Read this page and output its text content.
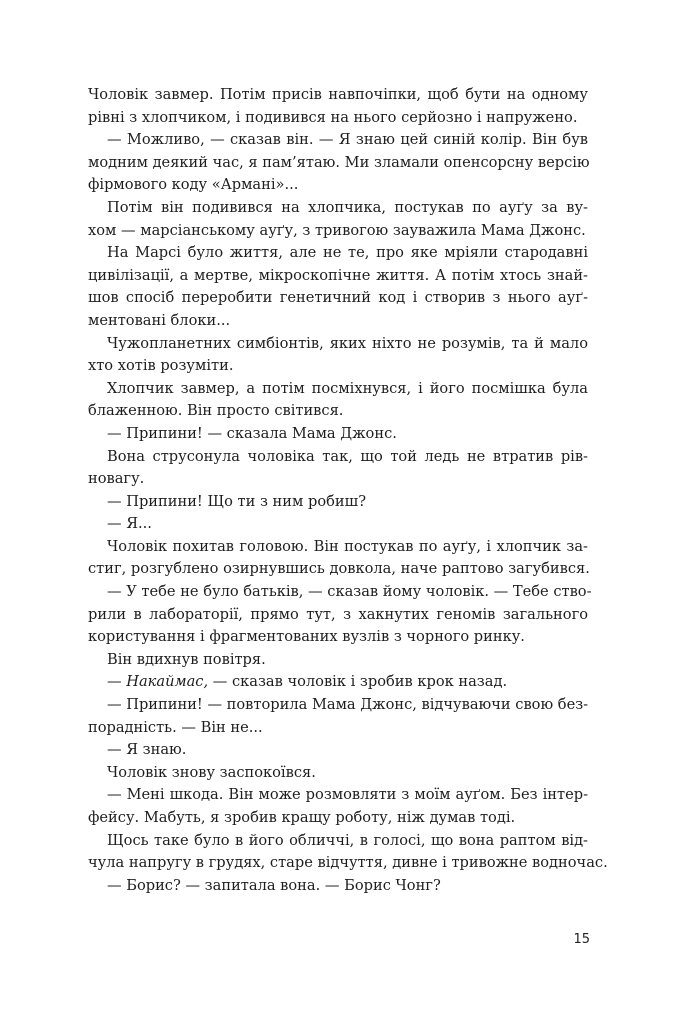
Чоловік завмер. Потім присів навпочіпки, щоб бути на одному
рівні з хлопчиком, і подивився на нього серйозно і напружено.
— Можливо, — сказав він. — Я знаю цей синій колір. Він був
модним деякий час, я пам’ятаю. Ми зламали опенсорсну версію
фірмового коду «Армані»...
Потім він подивився на хлопчика, постукав по ауґу за ву-
хом — марсіанському ауґу, з тривогою зауважила Мама Джонс.
На Марсі було життя, але не те, про яке мріяли стародавні
цивілізації, а мертве, мікроскопічне життя. А потім хтось знай-
шов спосіб переробити генетичний код і створив з нього ауґ-
ментовані блоки...
Чужопланетних симбіонтів, яких ніхто не розумів, та й мало
хто хотів розуміти.
Хлопчик завмер, а потім посміхнувся, і його посмішка була
блаженною. Він просто світився.
— Припини! — сказала Мама Джонс.
Вона струсонула чоловіка так, що той ледь не втратив рів-
новагу.
— Припини! Що ти з ним робиш?
— Я...
Чоловік похитав головою. Він постукав по ауґу, і хлопчик за-
стиг, розгублено озирнувшись довкола, наче раптово загубився.
— У тебе не було батьків, — сказав йому чоловік. — Тебе ство-
рили в лабораторії, прямо тут, з хакнутих геномів загального
користування і фрагментованих вузлів з чорного ринку.
Він вдихнув повітря.
— Накаймас, — сказав чоловік і зробив крок назад.
— Припини! — повторила Мама Джонс, відчуваючи свою без-
порадність. — Він не...
— Я знаю.
Чоловік знову заспокоївся.
— Мені шкода. Він може розмовляти з моїм ауґом. Без інтер-
фейсу. Мабуть, я зробив кращу роботу, ніж думав тоді.
Щось таке було в його обличчі, в голосі, що вона раптом від-
чула напругу в грудях, старе відчуття, дивне і тривожне водночас.
— Борис? — запитала вона. — Борис Чонг?
15
